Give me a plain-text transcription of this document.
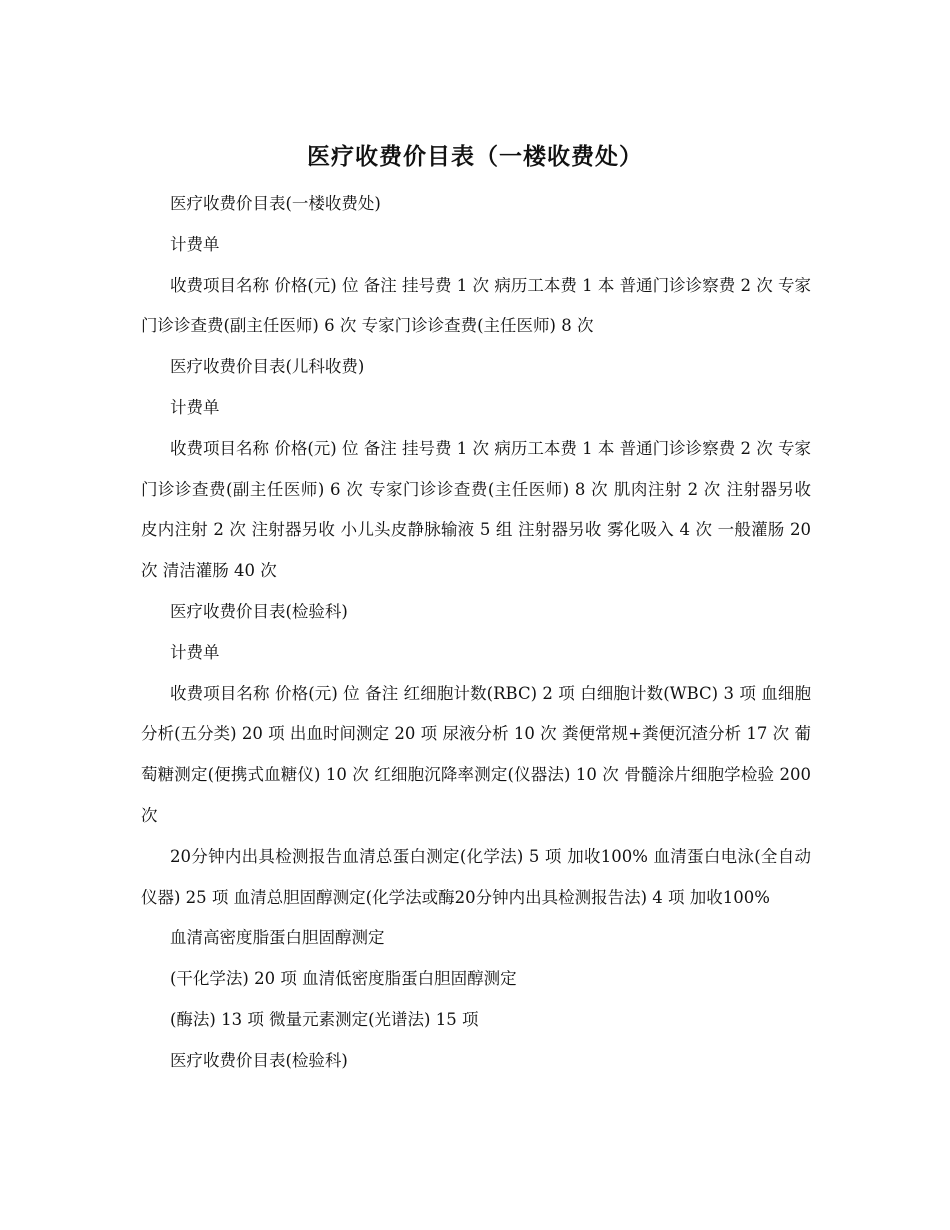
医疗收费价目表（一楼收费处）

医疗收费价目表(一楼收费处)

计费单

收费项目名称 价格(元) 位 备注 挂号费 1 次 病历工本费 1 本 普通门诊诊察费 2 次 专家门诊诊查费(副主任医师) 6 次 专家门诊诊查费(主任医师) 8 次

医疗收费价目表(儿科收费)

计费单

收费项目名称 价格(元) 位 备注 挂号费 1 次 病历工本费 1 本 普通门诊诊察费 2 次 专家门诊诊查费(副主任医师) 6 次 专家门诊诊查费(主任医师) 8 次 肌肉注射 2 次 注射器另收 皮内注射 2 次 注射器另收 小儿头皮静脉输液 5 组 注射器另收 雾化吸入 4 次 一般灌肠 20 次 清洁灌肠 40 次

医疗收费价目表(检验科)

计费单

收费项目名称 价格(元) 位 备注 红细胞计数(RBC) 2 项 白细胞计数(WBC) 3 项 血细胞分析(五分类) 20 项 出血时间测定 20 项 尿液分析 10 次 粪便常规+粪便沉渣分析 17 次 葡萄糖测定(便携式血糖仪) 10 次 红细胞沉降率测定(仪器法) 10 次 骨髓涂片细胞学检验 200 次

20分钟内出具检测报告血清总蛋白测定(化学法) 5 项 加收100% 血清蛋白电泳(全自动仪器) 25 项 血清总胆固醇测定(化学法或酶20分钟内出具检测报告法) 4 项 加收100%

血清高密度脂蛋白胆固醇测定

(干化学法) 20 项 血清低密度脂蛋白胆固醇测定

(酶法) 13 项 微量元素测定(光谱法) 15 项

医疗收费价目表(检验科)
